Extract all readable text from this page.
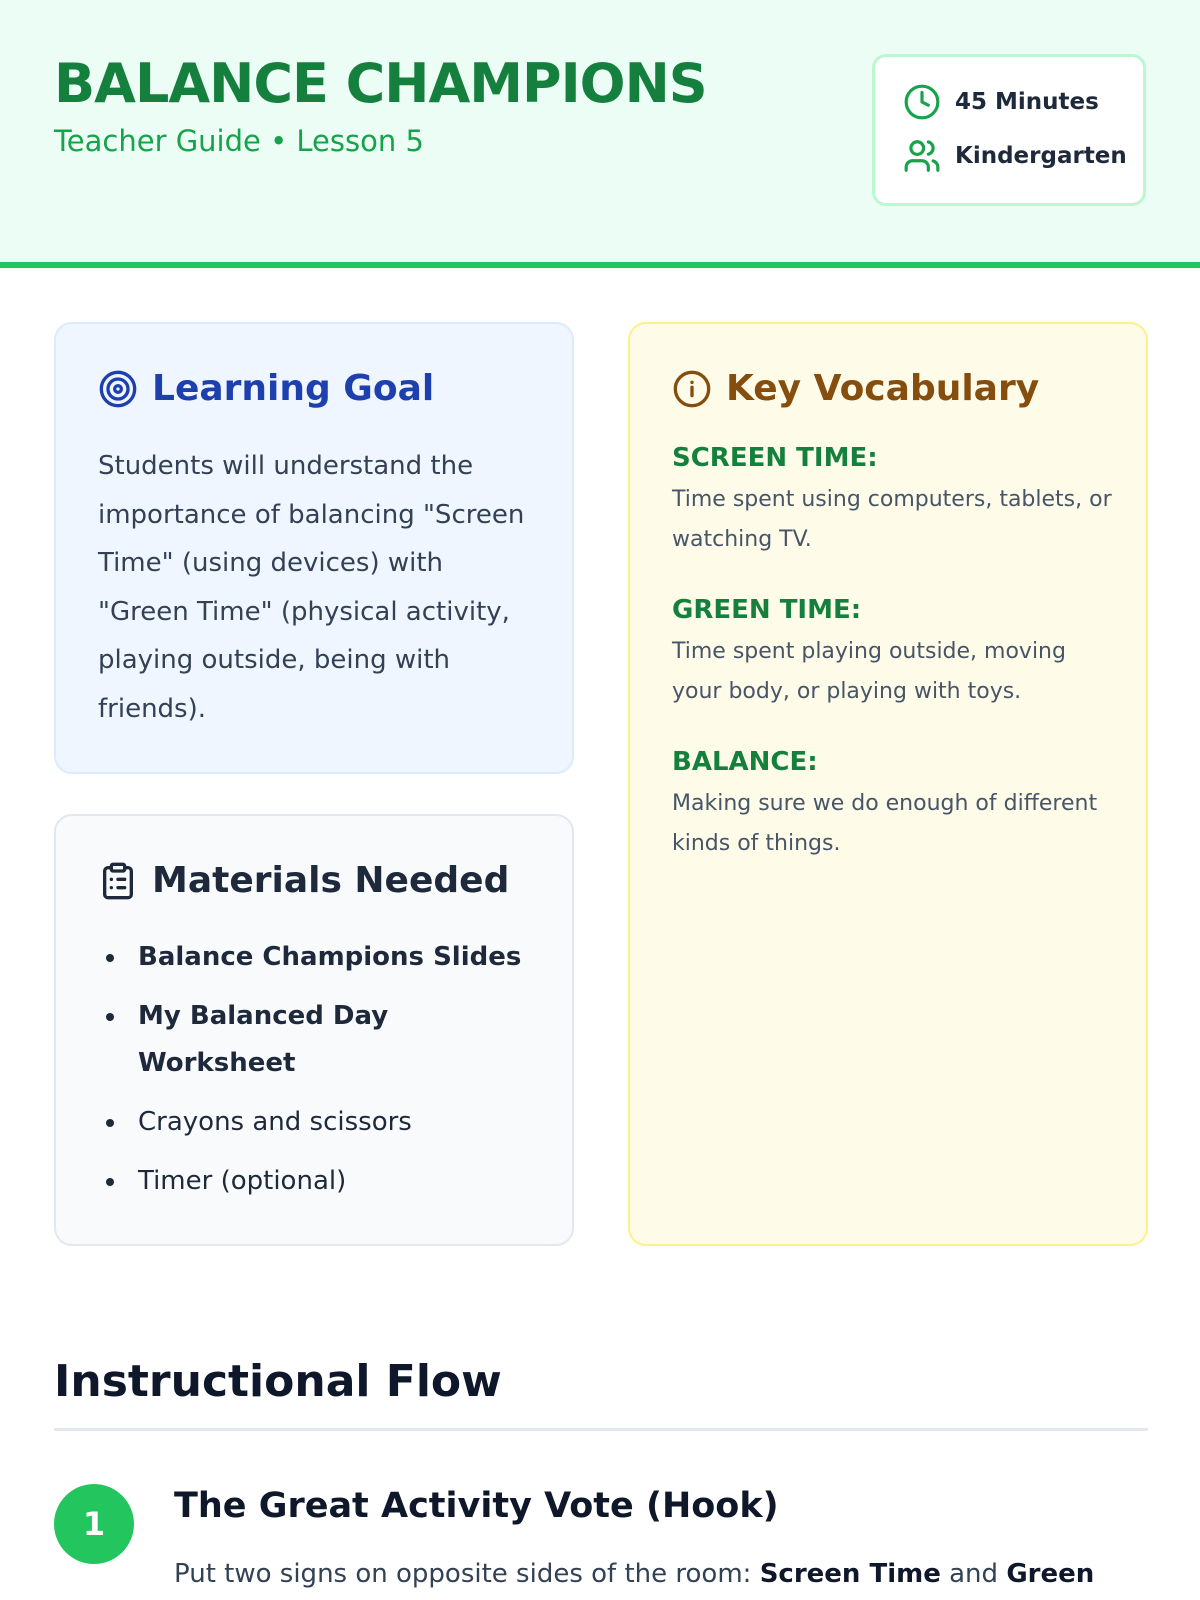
BALANCE CHAMPIONS
Teacher Guide • Lesson 5
45 Minutes
Kindergarten
Learning Goal

Students will understand the importance of balancing "Screen Time" (using devices) with "Green Time" (physical activity, playing outside, being with friends).

Materials Needed
Balance Champions Slides
My Balanced Day Worksheet
Crayons and scissors
Timer (optional)
Key Vocabulary
SCREEN TIME:
Time spent using computers, tablets, or watching TV.
GREEN TIME:
Time spent playing outside, moving your body, or playing with toys.
BALANCE:
Making sure we do enough of different kinds of things.
Instructional Flow
1	The Great Activity Vote (Hook)

Put two signs on opposite sides of the room: Screen Time and Green
